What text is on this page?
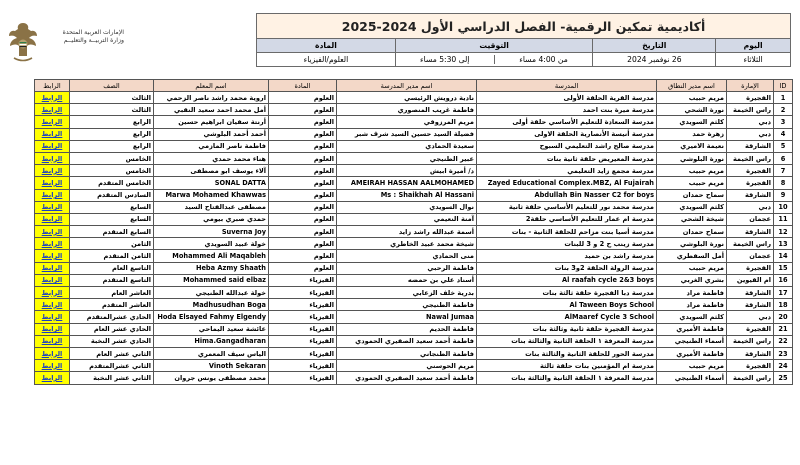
الإمارات العربية المتحدة
وزارة التربيــة والتعليــم
أكاديمية تمكين الرقمية- الفصل الدراسي الأول 2024-2025			
اليوم	التاريخ	التوقيت	المادة
الثلاثاء	26 نوفمبر 2024	من 4:00 مساء
إلى 5:30 مساء	العلوم/الفيزياء
ID	الإمارة	اسم مدير النطاق	المدرسة	اسم مدير المدرسة	المادة	اسم المعلم	الصف	الرابط
1	الفجيرة	مريم حبيب	مدرسة القرية الحلقة الأولى	نادية درويش الرئيسي	العلوم	اروية محمد راشد ناصر الزحمي	الثالث	الرابط
2	راس الخيمة	نورة الشحي	مدرسة ميرة بنت احمد	فاطمة غريب المنصوري	العلوم	أمل محمد احمد سعيد النقبي	الثالث	الرابط
3	دبي	كلثم السويدي	مدرسة السعادة للتعليم الأساسي حلقة أولى	مريم المرزوقي	العلوم	أرنتة سفيان ابراهيم حسين	الرابع	الرابط
4	دبي	زهرة حمد	مدرسة أنيسة الأنصارية الحلقة الاولى	فضيلة السيد حسين السيد شرف شبر	العلوم	أحمد أحمد البلوشي	الرابع	الرابط
5	الشارقة	نعيمة الاميري	مدرسة صالح راشد التعليمي السبوح	سعيدة الحمادي	العلوم	فاطمة ناصر المازمي	الرابع	الرابط
6	راس الخيمة	نورة البلوشي	مدرسة المعيريض حلقة ثانية بنات	عبير الطنيجي	العلوم	هناء محمد حمدي	الخامس	الرابط
7	الفجيرة	مريم حبيب	مدرسة مجمع زايد التعليمي	د/ أميرة ابيش	العلوم	آلاء يوسف ابو مصطفى	الخامس	الرابط
8	الفجيرة	مريم حبيب	Zayed Educational Complex.MBZ, Al Fujairah	AMEIRAH HASSAN AALMOHAMED	العلوم	SONAL DATTA	الخامس المتقدم	الرابط
9	الشارقة	سماح حمدان	Abdullah Bin Nasser C2 for boys	Ms : Shaikhah Al Hassani	العلوم	Marwa Mohamed Khawwas	السادس المتقدم	الرابط
10	دبي	كلثم السويدي	مدرسة محمد نور للتعليم الأساسي حلقة ثانية	نوال السويدي	العلوم	مصطفى عبدالفتاح السيد	السابع	الرابط
11	عجمان	شيخة الشحي	مدرسة ام عمار للتعليم الأساسي حلقة2	آمنة النعيمي	العلوم	حمدي صبري بيومي	السابع	الرابط
12	الشارقة	سماح حمدان	مدرسة أسيا بنت مزاحم للحلقة الثانية - بنات	أسمة عبدالله راشد زايد	العلوم	Suverna Joy	السابع المتقدم	الرابط
13	راس الخيمة	نورة البلوشي	مدرسة زينب ح 2 و 3 للبنات	شيخة محمد عبيد الخاطري	العلوم	خولة عبيد السويدي	الثامن	الرابط
14	عجمان	أمل السفطري	مدرسة راشد بن حميد	منى الحمادي	العلوم	Mohammed Ali Maqableh	الثامن المتقدم	الرابط
15	الفجيرة	مريم حبيب	مدرسة الرولة الحلقة 2و3 بنات	فاطمة الرحبي	العلوم	Heba Azmy Shaath	التاسع العام	الرابط
16	ام القيوين	بشري الغربي	Al raafah cycle 2&3 boys	أسناد علي بن حمضه	الفيزياء	Mohammed said elbaz	التاسع المتقدم	الرابط
17	الشارقة	فاطمة مراد	مدرسة دبا الفجيرة حلقة ثالثة بنات	بدرية خلف الزعابي	الفيزياء	خولة عبدالله الطنيجي	العاشر العام	الرابط
18	الشارقة	فاطمة مراد	Al Taween Boys School	فاطمة الطنيجي	الفيزياء	Madhusudhan Boga	العاشر المتقدم	الرابط
20	دبي	كلثم السويدي	AlMaaref Cycle 3 School	Nawal Jumaa	الفيزياء	Hoda Elsayed Fahmy Elgendy	الحادي عشرالمتقدم	الرابط
21	الفجيرة	فاطمة الأميري	مدرسة الفجيرة حلقة ثانية وثالثة بنات	فاطمة الحديم	الفيزياء	عائشة سعيد اليماحي	الحادي عشر العام	الرابط
22	راس الخيمة	أسماء الطنيجي	مدرسة المعرفة ١ الحلقة الثانية والثالثة بنات	فاطمة أحمد سعيد الصفيري الحمودي	الفيزياء	Hima.Gangadharan	الحادي عشر النخبة	الرابط
23	الشارقة	فاطمة الأميري	مدرسة الحور للحلقة الثانية والثالثة بنات	فاطمة الطنجاني	الفيزياء	الياس سيف المعمري	الثاني عشر العام	الرابط
24	الفجيرة	مريم حبيب	مدرسة ام المؤمنين بنات حلقة ثالثة	مريم الحوسني	الفيزياء	Vinoth Sekaran	الثاني عشرالمتقدم	الرابط
25	راس الخيمة	أسماء الطنيجي	مدرسة المعرفة ١ الحلقة الثانية والثالثة بنات	فاطمة أحمد سعيد الصفيري الحمودي	الفيزياء	محمد مصطفى يونس جروان	الثاني عشر النخبة	الرابط
